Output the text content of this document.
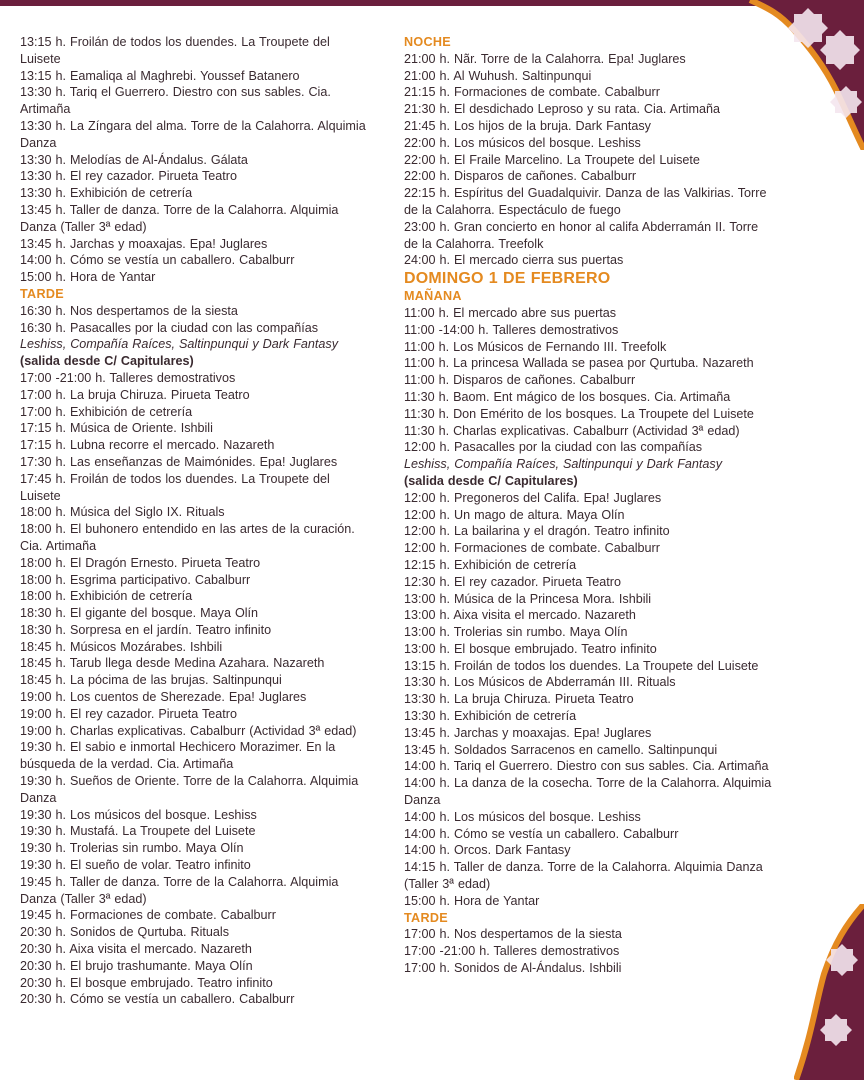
13:15 h. Froilán de todos los duendes. La Troupete del Luisete
13:15 h. Eamaliqa al Maghrebi. Youssef Batanero
13:30 h. Tariq el Guerrero. Diestro con sus sables. Cia. Artimaña
13:30 h. La Zíngara del alma. Torre de la Calahorra. Alquimia Danza
13:30 h. Melodías de Al-Ándalus. Gálata
13:30 h. El rey cazador. Pirueta Teatro
13:30 h. Exhibición de cetrería
13:45 h. Taller de danza. Torre de la Calahorra. Alquimia Danza (Taller 3ª edad)
13:45 h. Jarchas y moaxajas. Epa! Juglares
14:00 h. Cómo se vestía un caballero. Cabalburr
15:00 h. Hora de Yantar
TARDE
16:30 h. Nos despertamos de la siesta
16:30 h. Pasacalles por la ciudad con las compañías
Leshiss, Compañía Raíces, Saltinpunqui y Dark Fantasy
(salida desde C/ Capitulares)
17:00 -21:00 h. Talleres demostrativos
17:00 h. La bruja Chiruza. Pirueta Teatro
17:00 h. Exhibición de cetrería
17:15 h. Música de Oriente. Ishbili
17:15 h. Lubna recorre el mercado. Nazareth
17:30 h. Las enseñanzas de Maimónides. Epa! Juglares
17:45 h. Froilán de todos los duendes. La Troupete del Luisete
18:00 h. Música del Siglo IX. Rituals
18:00 h. El buhonero entendido en las artes de la curación. Cia. Artimaña
18:00 h. El Dragón Ernesto. Pirueta Teatro
18:00 h. Esgrima participativo. Cabalburr
18:00 h. Exhibición de cetrería
18:30 h. El gigante del bosque. Maya Olín
18:30 h. Sorpresa en el jardín. Teatro infinito
18:45 h. Músicos Mozárabes. Ishbili
18:45 h. Tarub llega desde Medina Azahara. Nazareth
18:45 h. La pócima de las brujas. Saltinpunqui
19:00 h. Los cuentos de Sherezade. Epa! Juglares
19:00 h. El rey cazador. Pirueta Teatro
19:00 h. Charlas explicativas. Cabalburr (Actividad 3ª edad)
19:30 h. El sabio e inmortal Hechicero Morazimer. En la búsqueda de la verdad. Cia. Artimaña
19:30 h. Sueños de Oriente. Torre de la Calahorra. Alquimia Danza
19:30 h. Los músicos del bosque. Leshiss
19:30 h. Mustafá. La Troupete del Luisete
19:30 h. Trolerias sin rumbo. Maya Olín
19:30 h. El sueño de volar. Teatro infinito
19:45 h. Taller de danza. Torre de la Calahorra. Alquimia Danza (Taller 3ª edad)
19:45 h. Formaciones de combate. Cabalburr
20:30 h. Sonidos de Qurtuba. Rituals
20:30 h. Aixa visita el mercado. Nazareth
20:30 h. El brujo trashumante. Maya Olín
20:30 h. El bosque embrujado. Teatro infinito
20:30 h. Cómo se vestía un caballero. Cabalburr
NOCHE
21:00 h. Nãr. Torre de la Calahorra. Epa! Juglares
21:00 h. Al Wuhush. Saltinpunqui
21:15 h. Formaciones de combate. Cabalburr
21:30 h. El desdichado Leproso y su rata. Cia. Artimaña
21:45 h. Los hijos de la bruja. Dark Fantasy
22:00 h. Los músicos del bosque. Leshiss
22:00 h. El Fraile Marcelino. La Troupete del Luisete
22:00 h. Disparos de cañones. Cabalburr
22:15 h. Espíritus del Guadalquivir. Danza de las Valkirias. Torre de la Calahorra. Espectáculo de fuego
23:00 h. Gran concierto en honor al califa Abderramán II. Torre de la Calahorra. Treefolk
24:00 h. El mercado cierra sus puertas
DOMINGO 1 DE FEBRERO
MAÑANA
11:00 h. El mercado abre sus puertas
11:00 -14:00 h. Talleres demostrativos
11:00 h. Los Músicos de Fernando III. Treefolk
11:00 h. La princesa Wallada se pasea por Qurtuba. Nazareth
11:00 h. Disparos de cañones. Cabalburr
11:30 h. Baom. Ent mágico de los bosques. Cia. Artimaña
11:30 h. Don Emérito de los bosques. La Troupete del Luisete
11:30 h. Charlas explicativas. Cabalburr (Actividad 3ª edad)
12:00 h. Pasacalles por la ciudad con las compañías
Leshiss, Compañía Raíces, Saltinpunqui y Dark Fantasy
(salida desde C/ Capitulares)
12:00 h. Pregoneros del Califa. Epa! Juglares
12:00 h. Un mago de altura. Maya Olín
12:00 h. La bailarina y el dragón. Teatro infinito
12:00 h. Formaciones de combate. Cabalburr
12:15 h. Exhibición de cetrería
12:30 h. El rey cazador. Pirueta Teatro
13:00 h. Música de la Princesa Mora. Ishbili
13:00 h. Aixa visita el mercado. Nazareth
13:00 h. Trolerias sin rumbo. Maya Olín
13:00 h. El bosque embrujado. Teatro infinito
13:15 h. Froilán de todos los duendes. La Troupete del Luisete
13:30 h. Los Músicos de Abderramán III. Rituals
13:30 h. La bruja Chiruza. Pirueta Teatro
13:30 h. Exhibición de cetrería
13:45 h. Jarchas y moaxajas. Epa! Juglares
13:45 h. Soldados Sarracenos en camello. Saltinpunqui
14:00 h. Tariq el Guerrero. Diestro con sus sables. Cia. Artimaña
14:00 h. La danza de la cosecha. Torre de la Calahorra. Alquimia Danza
14:00 h. Los músicos del bosque. Leshiss
14:00 h. Cómo se vestía un caballero. Cabalburr
14:00 h. Orcos. Dark Fantasy
14:15 h. Taller de danza. Torre de la Calahorra. Alquimia Danza (Taller 3ª edad)
15:00 h. Hora de Yantar
TARDE
17:00 h. Nos despertamos de la siesta
17:00 -21:00 h. Talleres demostrativos
17:00 h. Sonidos de Al-Ándalus. Ishbili
